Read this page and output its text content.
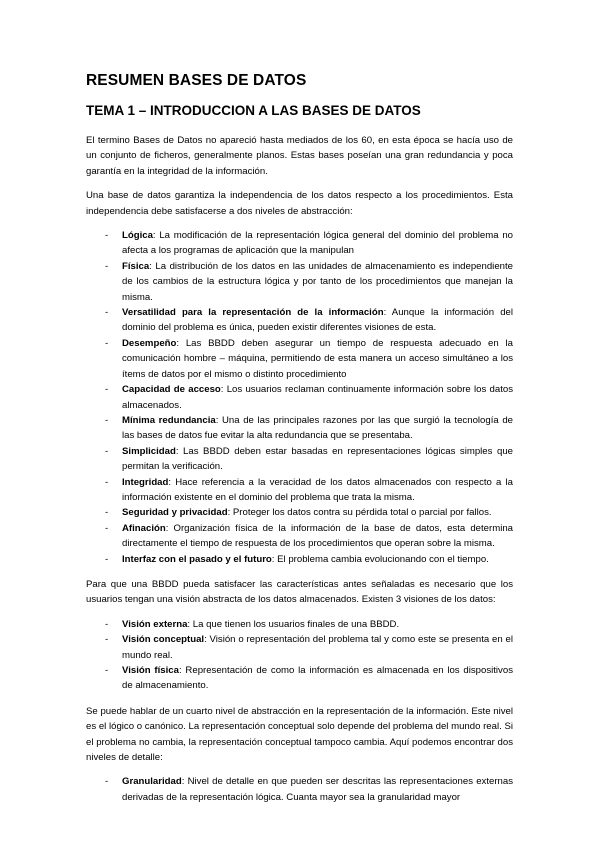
RESUMEN BASES DE DATOS
TEMA 1 – INTRODUCCION A LAS BASES DE DATOS

El termino Bases de Datos no apareció hasta mediados de los 60, en esta época se hacía uso de un conjunto de ficheros, generalmente planos. Estas bases poseían una gran redundancia y poca garantía en la integridad de la información.

Una base de datos garantiza la independencia de los datos respecto a los procedimientos. Esta independencia debe satisfacerse a dos niveles de abstracción:

- Lógica: La modificación de la representación lógica general del dominio del problema no afecta a los programas de aplicación que la manipulan
- Física: La distribución de los datos en las unidades de almacenamiento es independiente de los cambios de la estructura lógica y por tanto de los procedimientos que manejan la misma.
- Versatilidad para la representación de la información: Aunque la información del dominio del problema es única, pueden existir diferentes visiones de esta.
- Desempeño: Las BBDD deben asegurar un tiempo de respuesta adecuado en la comunicación hombre – máquina, permitiendo de esta manera un acceso simultáneo a los ítems de datos por el mismo o distinto procedimiento
- Capacidad de acceso: Los usuarios reclaman continuamente información sobre los datos almacenados.
- Mínima redundancia: Una de las principales razones por las que surgió la tecnología de las bases de datos fue evitar la alta redundancia que se presentaba.
- Simplicidad: Las BBDD deben estar basadas en representaciones lógicas simples que permitan la verificación.
- Integridad: Hace referencia a la veracidad de los datos almacenados con respecto a la información existente en el dominio del problema que trata la misma.
- Seguridad y privacidad: Proteger los datos contra su pérdida total o parcial por fallos.
- Afinación: Organización física de la información de la base de datos, esta determina directamente el tiempo de respuesta de los procedimientos que operan sobre la misma.
- Interfaz con el pasado y el futuro: El problema cambia evolucionando con el tiempo.

Para que una BBDD pueda satisfacer las características antes señaladas es necesario que los usuarios tengan una visión abstracta de los datos almacenados. Existen 3 visiones de los datos:

- Visión externa: La que tienen los usuarios finales de una BBDD.
- Visión conceptual: Visión o representación del problema tal y como este se presenta en el mundo real.
- Visión física: Representación de como la información es almacenada en los dispositivos de almacenamiento.

Se puede hablar de un cuarto nivel de abstracción en la representación de la información. Este nivel es el lógico o canónico. La representación conceptual solo depende del problema del mundo real. Si el problema no cambia, la representación conceptual tampoco cambia. Aquí podemos encontrar dos niveles de detalle:

- Granularidad: Nivel de detalle en que pueden ser descritas las representaciones externas derivadas de la representación lógica. Cuanta mayor sea la granularidad mayor
